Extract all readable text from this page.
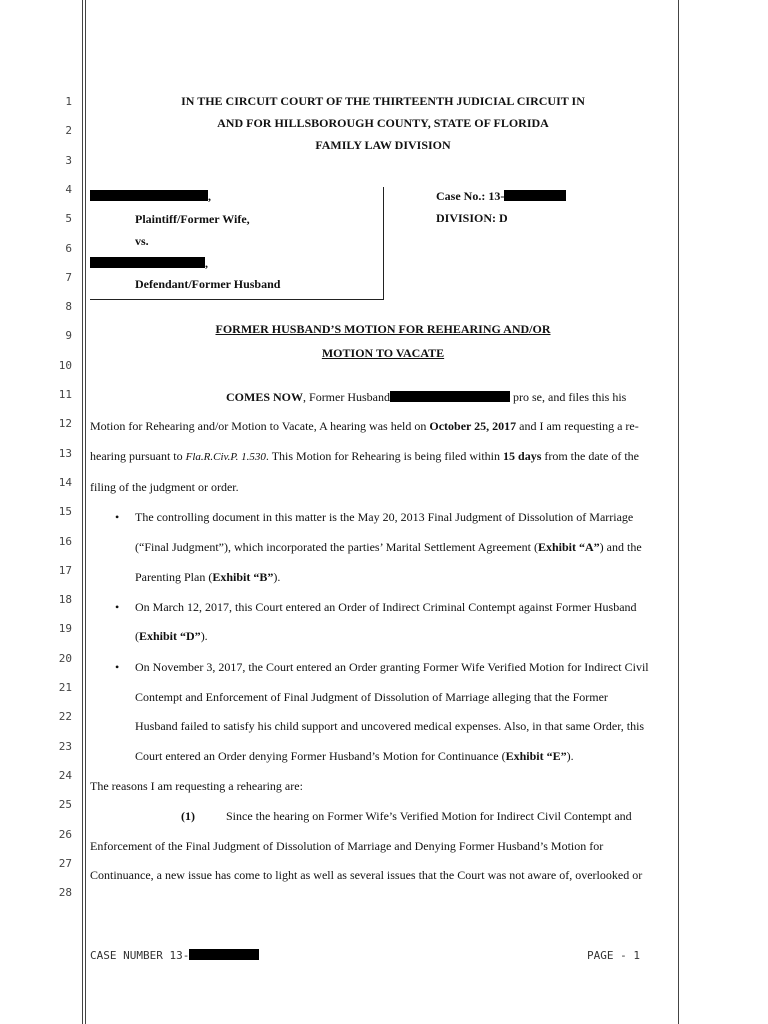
1
2
3
4
5
6
7
8
9
10
11
12
13
14
15
16
17
18
19
20
21
22
23
24
25
26
27
28
IN THE CIRCUIT COURT OF THE THIRTEENTH JUDICIAL CIRCUIT IN
AND FOR HILLSBOROUGH COUNTY, STATE OF FLORIDA
FAMILY LAW DIVISION
,
Plaintiff/Former Wife,
vs.
,
Defendant/Former Husband
Case No.: 13-
DIVISION: D
FORMER HUSBAND’S MOTION FOR REHEARING AND/OR
MOTION TO VACATE
COMES NOW, Former Husband	pro se, and files this his
Motion for Rehearing and/or Motion to Vacate, A hearing was held on October 25, 2017 and I am requesting a re-
hearing pursuant to Fla.R.Civ.P. 1.530. This Motion for Rehearing is being filed within 15 days from the date of the
filing of the judgment or order.
• The controlling document in this matter is the May 20, 2013 Final Judgment of Dissolution of Marriage
(“Final Judgment”), which incorporated the parties’ Marital Settlement Agreement (Exhibit “A”) and the
Parenting Plan (Exhibit “B”).
• On March 12, 2017, this Court entered an Order of Indirect Criminal Contempt against Former Husband
(Exhibit “D”).
• On November 3, 2017, the Court entered an Order granting Former Wife Verified Motion for Indirect Civil
Contempt and Enforcement of Final Judgment of Dissolution of Marriage alleging that the Former
Husband failed to satisfy his child support and uncovered medical expenses. Also, in that same Order, this
Court entered an Order denying Former Husband’s Motion for Continuance (Exhibit “E”).
The reasons I am requesting a rehearing are:
(1)	Since the hearing on Former Wife’s Verified Motion for Indirect Civil Contempt and
Enforcement of the Final Judgment of Dissolution of Marriage and Denying Former Husband’s Motion for
Continuance, a new issue has come to light as well as several issues that the Court was not aware of, overlooked or
CASE NUMBER 13-	PAGE - 1
